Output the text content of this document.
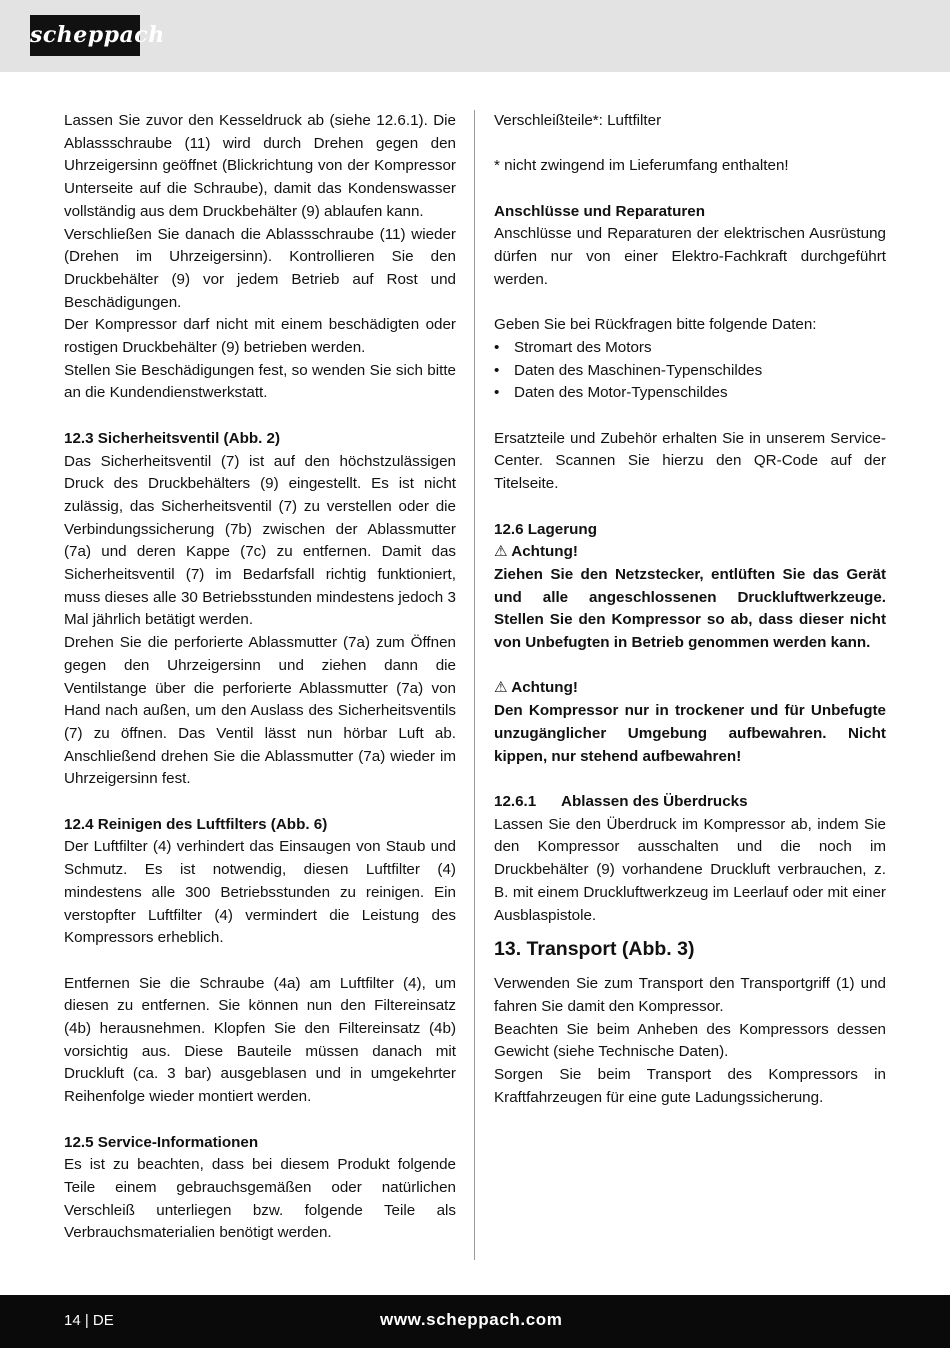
scheppach

Lassen Sie zuvor den Kesseldruck ab (siehe 12.6.1). Die Ablassschraube (11) wird durch Drehen gegen den Uhrzeigersinn geöffnet (Blickrichtung von der Kompressor Unterseite auf die Schraube), damit das Kondenswasser vollständig aus dem Druckbehälter (9) ablaufen kann.

Verschließen Sie danach die Ablassschraube (11) wieder (Drehen im Uhrzeigersinn). Kontrollieren Sie den Druckbehälter (9) vor jedem Betrieb auf Rost und Beschädigungen.

Der Kompressor darf nicht mit einem beschädigten oder rostigen Druckbehälter (9) betrieben werden.

Stellen Sie Beschädigungen fest, so wenden Sie sich bitte an die Kundendienstwerkstatt.

12.3 Sicherheitsventil (Abb. 2)

Das Sicherheitsventil (7) ist auf den höchstzulässigen Druck des Druckbehälters (9) eingestellt. Es ist nicht zulässig, das Sicherheitsventil (7) zu verstellen oder die Verbindungssicherung (7b) zwischen der Ablassmutter (7a) und deren Kappe (7c) zu entfernen. Damit das Sicherheitsventil (7) im Bedarfsfall richtig funktioniert, muss dieses alle 30 Betriebsstunden mindestens jedoch 3 Mal jährlich betätigt werden.

Drehen Sie die perforierte Ablassmutter (7a) zum Öffnen gegen den Uhrzeigersinn und ziehen dann die Ventilstange über die perforierte Ablassmutter (7a) von Hand nach außen, um den Auslass des Sicherheitsventils (7) zu öffnen. Das Ventil lässt nun hörbar Luft ab. Anschließend drehen Sie die Ablassmutter (7a) wieder im Uhrzeigersinn fest.

12.4 Reinigen des Luftfilters (Abb. 6)

Der Luftfilter (4) verhindert das Einsaugen von Staub und Schmutz. Es ist notwendig, diesen Luftfilter (4) mindestens alle 300 Betriebsstunden zu reinigen. Ein verstopfter Luftfilter (4) vermindert die Leistung des Kompressors erheblich.

Entfernen Sie die Schraube (4a) am Luftfilter (4), um diesen zu entfernen. Sie können nun den Filtereinsatz (4b) herausnehmen. Klopfen Sie den Filtereinsatz (4b) vorsichtig aus. Diese Bauteile müssen danach mit Druckluft (ca. 3 bar) ausgeblasen und in umgekehrter Reihenfolge wieder montiert werden.

12.5 Service-Informationen

Es ist zu beachten, dass bei diesem Produkt folgende Teile einem gebrauchsgemäßen oder natürlichen Verschleiß unterliegen bzw. folgende Teile als Verbrauchsmaterialien benötigt werden.

Verschleißteile*: Luftfilter

* nicht zwingend im Lieferumfang enthalten!

Anschlüsse und Reparaturen

Anschlüsse und Reparaturen der elektrischen Ausrüstung dürfen nur von einer Elektro-Fachkraft durchgeführt werden.

Geben Sie bei Rückfragen bitte folgende Daten:

• Stromart des Motors
• Daten des Maschinen-Typenschildes
• Daten des Motor-Typenschildes

Ersatzteile und Zubehör erhalten Sie in unserem Service-Center. Scannen Sie hierzu den QR-Code auf der Titelseite.

12.6 Lagerung

⚠ Achtung!

Ziehen Sie den Netzstecker, entlüften Sie das Gerät und alle angeschlossenen Druckluftwerkzeuge. Stellen Sie den Kompressor so ab, dass dieser nicht von Unbefugten in Betrieb genommen werden kann.

⚠ Achtung!

Den Kompressor nur in trockener und für Unbefugte unzugänglicher Umgebung aufbewahren. Nicht kippen, nur stehend aufbewahren!

12.6.1 Ablassen des Überdrucks

Lassen Sie den Überdruck im Kompressor ab, indem Sie den Kompressor ausschalten und die noch im Druckbehälter (9) vorhandene Druckluft verbrauchen, z. B. mit einem Druckluftwerkzeug im Leerlauf oder mit einer Ausblaspistole.

13. Transport (Abb. 3)

Verwenden Sie zum Transport den Transportgriff (1) und fahren Sie damit den Kompressor.

Beachten Sie beim Anheben des Kompressors dessen Gewicht (siehe Technische Daten).

Sorgen Sie beim Transport des Kompressors in Kraftfahrzeugen für eine gute Ladungssicherung.

14 | DE	www.scheppach.com
